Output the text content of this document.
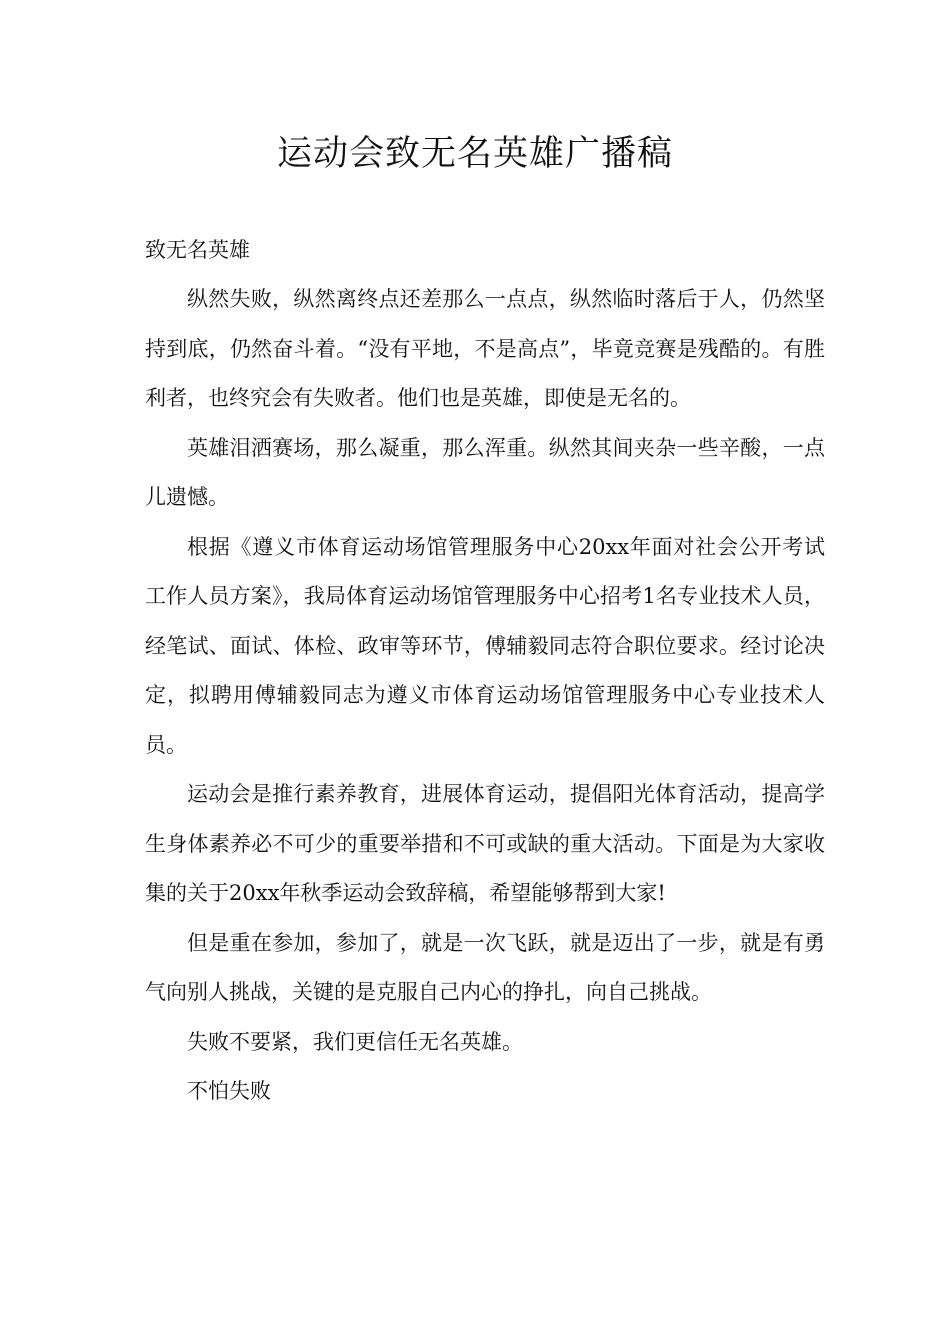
运动会致无名英雄广播稿

致无名英雄

纵然失败，纵然离终点还差那么一点点，纵然临时落后于人，仍然坚持到底，仍然奋斗着。“没有平地，不是高点”，毕竟竞赛是残酷的。有胜利者，也终究会有失败者。他们也是英雄，即使是无名的。

英雄泪洒赛场，那么凝重，那么浑重。纵然其间夹杂一些辛酸，一点儿遗憾。

根据《遵义市体育运动场馆管理服务中心20xx年面对社会公开考试工作人员方案》，我局体育运动场馆管理服务中心招考1名专业技术人员，经笔试、面试、体检、政审等环节，傅辅毅同志符合职位要求。经讨论决定，拟聘用傅辅毅同志为遵义市体育运动场馆管理服务中心专业技术人员。

运动会是推行素养教育，进展体育运动，提倡阳光体育活动，提高学生身体素养必不可少的重要举措和不可或缺的重大活动。下面是为大家收集的关于20xx年秋季运动会致辞稿，希望能够帮到大家!

但是重在参加，参加了，就是一次飞跃，就是迈出了一步，就是有勇气向别人挑战，关键的是克服自己内心的挣扎，向自己挑战。

失败不要紧，我们更信任无名英雄。

不怕失败
